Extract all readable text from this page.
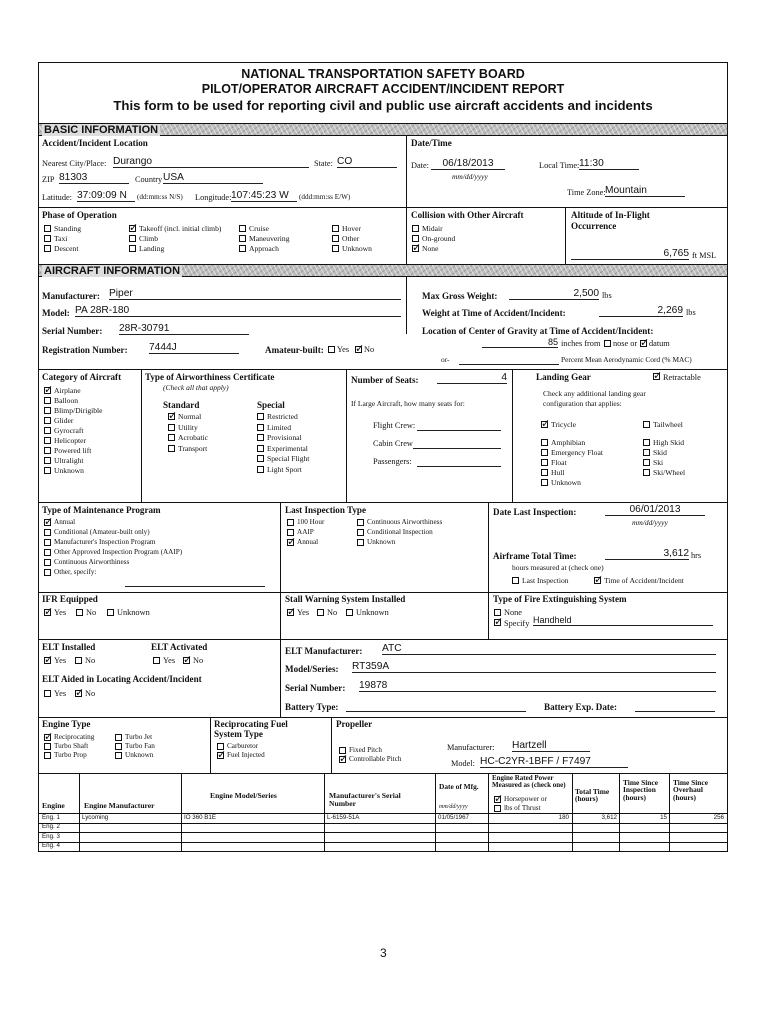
NATIONAL TRANSPORTATION SAFETY BOARD
PILOT/OPERATOR AIRCRAFT ACCIDENT/INCIDENT REPORT
This form to be used for reporting civil and public use aircraft accidents and incidents
BASIC INFORMATION
Accident/Incident Location
Nearest City/Place: Durango	State: CO
ZIP 81303	Country USA
Latitude: 37:09:09 N	(dd:mm:ss N/S) Longitude: 107:45:23 W	(ddd:mm:ss E/W)
Date/Time
Date:	06/18/2013
mm/dd/yyyy
Local Time: 11:30
Time Zone: Mountain
Phase of Operation	Collision with Other Aircraft	Altitude of In-Flight
Occurrence
6,765 ft MSL
AIRCRAFT INFORMATION
Manufacturer: Piper
Model: PA 28R-180
Serial Number: 28R-30791
Registration Number: 7444J	Amateur-built: Yes ✓ No
Max Gross Weight:	2,500 lbs
Weight at Time of Accident/Incident:	2,269 lbs
Location of Center of Gravity at Time of Accident/Incident:
85 inches from nose or ✓ datum
or-	Percent Mean Aerodynamic Cord (% MAC)
Category of Aircraft	Type of Airworthiness Certificate
(Check all that apply)
Standard	Special
Number of Seats:	4
If Large Aircraft, how many seats for:
Flight Crew:
Cabin Crew
Passengers:
Landing Gear ✓	Retractable
Check any additional landing gear
configuration that applies:
Type of Maintenance Program	Last Inspection Type	Date Last Inspection:	06/01/2013
mm/dd/yyyy
Airframe Total Time:	3,612 hrs
hours measured at (check one)
Last Inspection ✓	Time of Accident/Incident
IFR Equipped
✓
Yes No	Unknown
Stall Warning System Installed
✓
Yes No Unknown
Type of Fire Extinguishing System
None
✓
Specify Handheld
ELT Installed	ELT Activated
✓
Yes No	Yes ✓ No
ELT Aided in Locating Accident/Incident
Yes ✓ No
ELT Manufacturer: ATC
Model/Series: RT359A
Serial Number: 19878
Battery Type:	Battery Exp. Date:
Engine Type	Reciprocating Fuel
System Type
Propeller
Manufacturer: Hartzell
Model: HC-C2YR-1BFF / F7497
Engine	Engine Manufacturer
Engine Model/Series	Manufacturer's Serial Number
Date of Mfg.
mm/dd/yyyy
Engine Rated Power Measured as (check one)
✓
Horsepower or
lbs of Thrust
Total Time (hours)
Time Since Inspection (hours)
Time Since Overhaul (hours)
Standing ✓	Takeoff (incl. initial climb)	Cruise	Hover
Taxi	Climb	Maneuvering	Other
Descent	Landing	Approach	Unknown
Midair
On-ground
✓
None
✓
Airplane
Balloon
Blimp/Dirigible
Glider
Gyrocraft
Helicopter
Powered lift
Ultralight
Unknown
✓
Normal
Utility
Acrobatic
Transport
Restricted
Limited
Provisional
Experimental
Special Flight
Light Sport
✓
Tricycle	Tailwheel
Amphibian	High Skid
Emergency Float	Skid
Float	Ski
Hull	Ski/Wheel
Unknown
✓
Annual
Conditional (Amateur-built only)
Manufacturer's Inspection Program
Other Approved Inspection Program (AAIP)
Continuous Airworthiness
Other, specify:
100 Hour	Continuous Airworthiness
AAIP	Conditional Inspection
✓
Annual	Unknown
✓
Reciprocating	Turbo Jet
Turbo Shaft	Turbo Fan
Turbo Prop	Unknown
Carburetor
✓
Fuel Injected
Fixed Pitch
✓
Controllable Pitch
Eng. 1	Lycoming	IO 360 B1E	L-6159-51A	01/05/1967	180	3,612	15	256
Eng. 2
Eng. 3
Eng. 4
3
